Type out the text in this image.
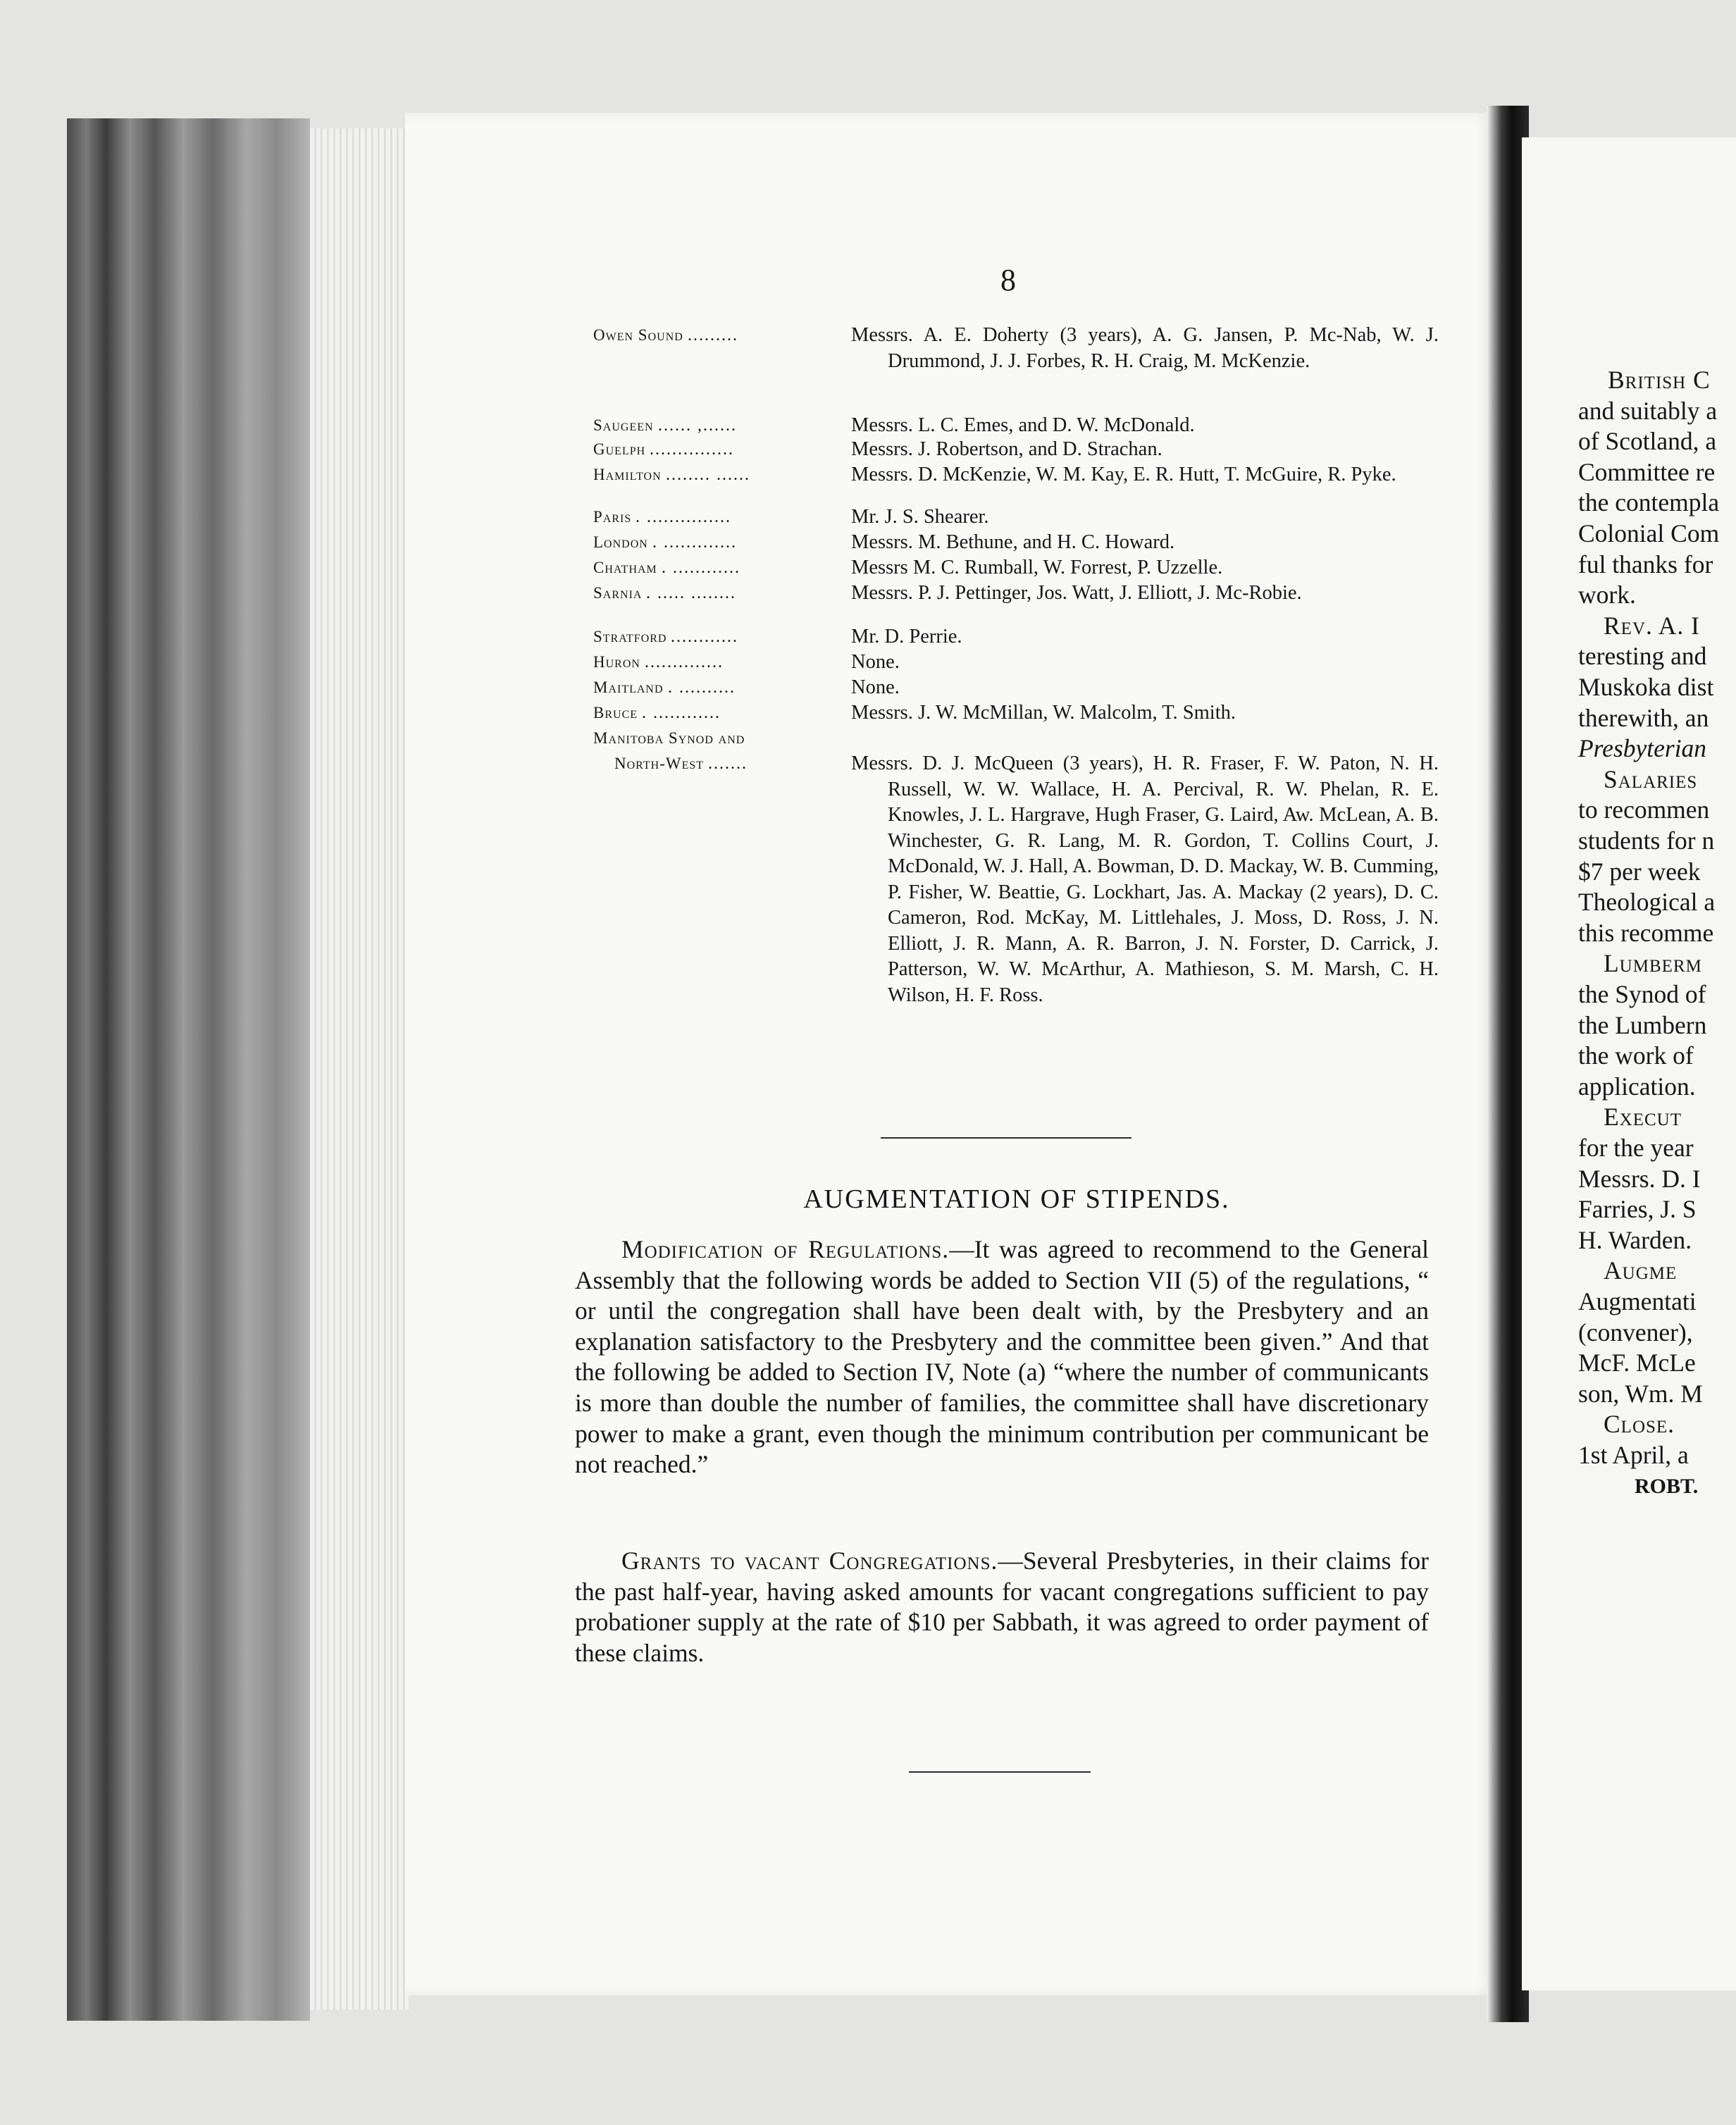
8
Owen Sound .........	Messrs. A. E. Doherty (3 years), A. G. Jansen, P. Mc-Nab, W. J. Drummond, J. J. Forbes, R. H. Craig, M. McKenzie.
Saugeen ...... ,......	Messrs. L. C. Emes, and D. W. McDonald.
Guelph ...............	Messrs. J. Robertson, and D. Strachan.
Hamilton ........ ......	Messrs. D. McKenzie, W. M. Kay, E. R. Hutt, T. McGuire, R. Pyke.
Paris . ...............	Mr. J. S. Shearer.
London . .............	Messrs. M. Bethune, and H. C. Howard.
Chatham . ............	Messrs M. C. Rumball, W. Forrest, P. Uzzelle.
Sarnia . ..... ........	Messrs. P. J. Pettinger, Jos. Watt, J. Elliott, J. Mc-Robie.
Stratford ............	Mr. D. Perrie.
Huron ..............	None.
Maitland . ..........	None.
Bruce . ............	Messrs. J. W. McMillan, W. Malcolm, T. Smith.
Manitoba Synod and
North-West .......	Messrs. D. J. McQueen (3 years), H. R. Fraser, F. W. Paton, N. H. Russell, W. W. Wallace, H. A. Percival, R. W. Phelan, R. E. Knowles, J. L. Hargrave, Hugh Fraser, G. Laird, Aw. McLean, A. B. Winchester, G. R. Lang, M. R. Gordon, T. Collins Court, J. McDonald, W. J. Hall, A. Bowman, D. D. Mackay, W. B. Cumming, P. Fisher, W. Beattie, G. Lockhart, Jas. A. Mackay (2 years), D. C. Cameron, Rod. McKay, M. Littlehales, J. Moss, D. Ross, J. N. Elliott, J. R. Mann, A. R. Barron, J. N. Forster, D. Carrick, J. Patterson, W. W. McArthur, A. Mathieson, S. M. Marsh, C. H. Wilson, H. F. Ross.
AUGMENTATION OF STIPENDS.
Modification of Regulations.—It was agreed to recommend to the General Assembly that the following words be added to Section VII (5) of the regulations, “ or until the congregation shall have been dealt with, by the Presbytery and an explanation satisfactory to the Presbytery and the committee been given.” And that the following be added to Section IV, Note (a) “where the number of communicants is more than double the number of families, the committee shall have discretionary power to make a grant, even though the minimum contribution per communicant be not reached.”
Grants to vacant Congregations.—Several Presbyteries, in their claims for the past half-year, having asked amounts for vacant congregations sufficient to pay probationer supply at the rate of $10 per Sabbath, it was agreed to order payment of these claims.
British C
and suitably a
of Scotland, a
Committee re
the contempla
Colonial Com
ful thanks for
work.
Rev. A. I
teresting and
Muskoka dist
therewith, an
Presbyterian
Salaries
to recommen
students for n
$7 per week
Theological a
this recomme
Lumberm
the Synod of
the Lumbern
the work of
application.
Execut
for the year
Messrs. D. I
Farries, J. S
H. Warden.
Augme
Augmentati
(convener),
McF. McLe
son, Wm. M
Close.
1st April, a
ROBT.
